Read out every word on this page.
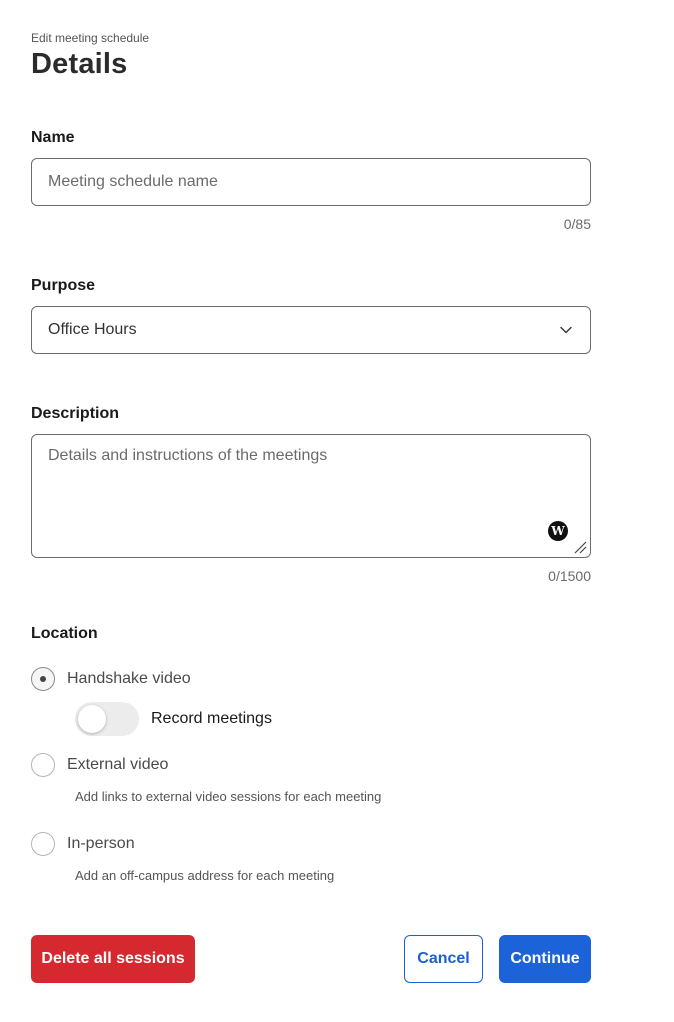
Edit meeting schedule
Details
Name
Meeting schedule name
0/85
Purpose
Office Hours
Description
Details and instructions of the meetings
W
0/1500
Location
Handshake video
Record meetings
External video
Add links to external video sessions for each meeting
In-person
Add an off-campus address for each meeting
Delete all sessions	Cancel	Continue
